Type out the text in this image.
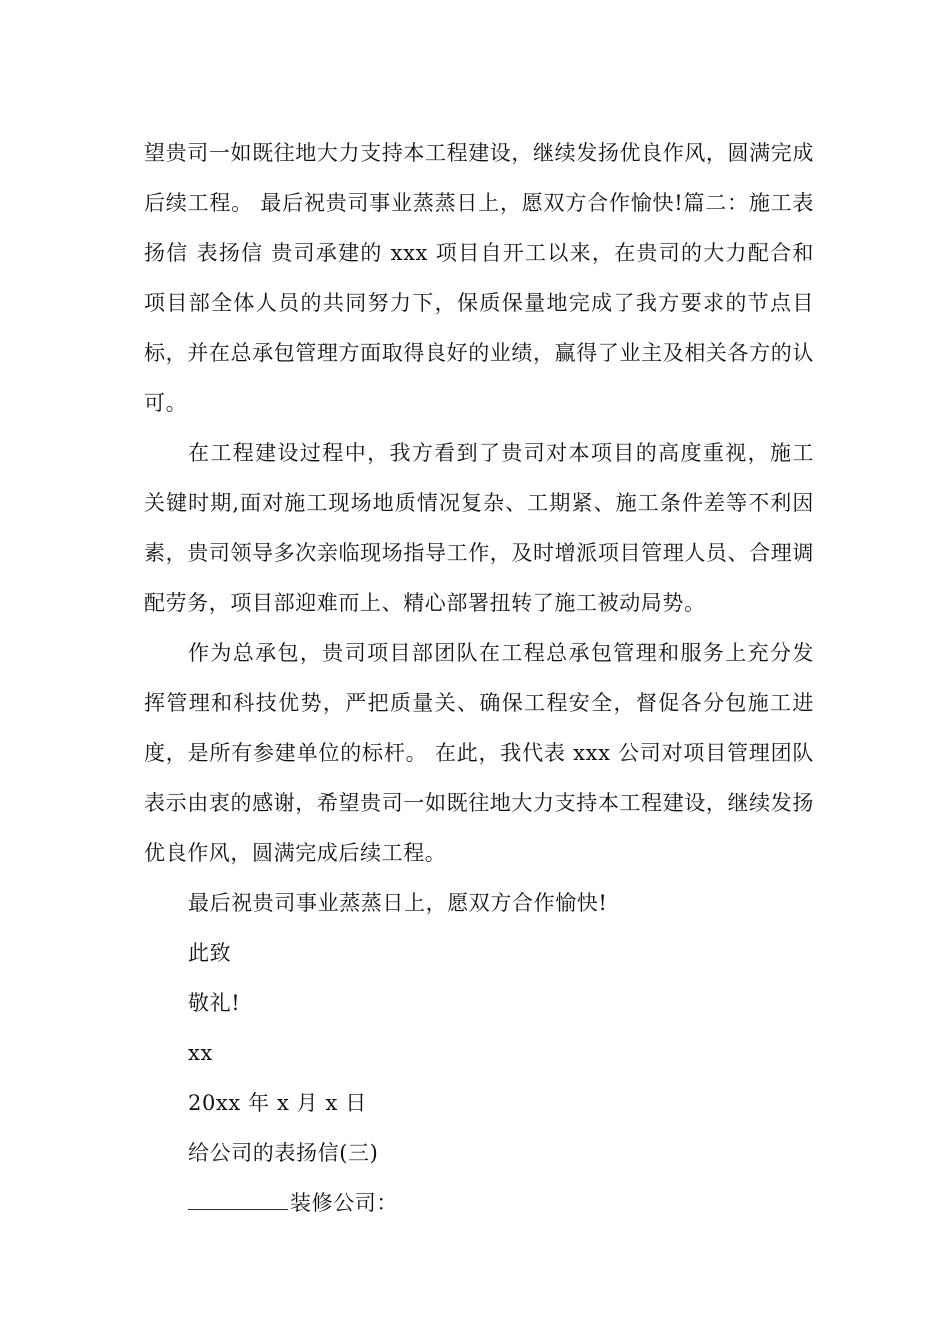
望贵司一如既往地大力支持本工程建设，继续发扬优良作风，圆满完成后续工程。 最后祝贵司事业蒸蒸日上，愿双方合作愉快!篇二：施工表扬信 表扬信 贵司承建的 xxx 项目自开工以来，在贵司的大力配合和项目部全体人员的共同努力下，保质保量地完成了我方要求的节点目标，并在总承包管理方面取得良好的业绩，赢得了业主及相关各方的认可。

在工程建设过程中，我方看到了贵司对本项目的高度重视，施工关键时期,面对施工现场地质情况复杂、工期紧、施工条件差等不利因素，贵司领导多次亲临现场指导工作，及时增派项目管理人员、合理调配劳务，项目部迎难而上、精心部署扭转了施工被动局势。

作为总承包，贵司项目部团队在工程总承包管理和服务上充分发挥管理和科技优势，严把质量关、确保工程安全，督促各分包施工进度，是所有参建单位的标杆。 在此，我代表 xxx 公司对项目管理团队表示由衷的感谢，希望贵司一如既往地大力支持本工程建设，继续发扬优良作风，圆满完成后续工程。

最后祝贵司事业蒸蒸日上，愿双方合作愉快!

此致

敬礼!

xx

20xx 年 x 月 x 日

给公司的表扬信(三)

装修公司：
